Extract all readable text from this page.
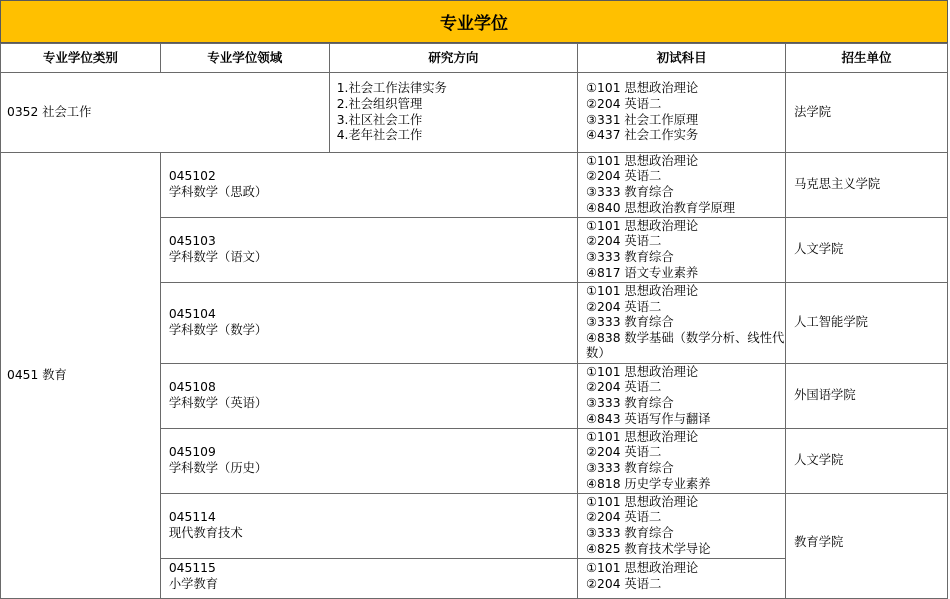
专业学位
专业学位类别	专业学位领域	研究方向	初试科目	招生单位
0352 社会工作		1.社会工作法律实务
2.社会组织管理
3.社区社会工作
4.老年社会工作	①101 思想政治理论
②204 英语二
③331 社会工作原理
④437 社会工作实务	法学院
0451 教育	045102
学科数学（思政）		①101 思想政治理论
②204 英语二
③333 教育综合
④840 思想政治教育学原理	马克思主义学院

	045103
学科数学（语文）		①101 思想政治理论
②204 英语二
③333 教育综合
④817 语文专业素养	人文学院

	045104
学科数学（数学）		①101 思想政治理论
②204 英语二
③333 教育综合
④838 数学基础（数学分析、线性代数）	人工智能学院

	045108
学科数学（英语）		①101 思想政治理论
②204 英语二
③333 教育综合
④843 英语写作与翻译	外国语学院

	045109
学科数学（历史）		①101 思想政治理论
②204 英语二
③333 教育综合
④818 历史学专业素养	人文学院

	045114
现代教育技术		①101 思想政治理论
②204 英语二
③333 教育综合
④825 教育技术学导论	教育学院

	045115
小学教育		①101 思想政治理论
②204 英语二	
